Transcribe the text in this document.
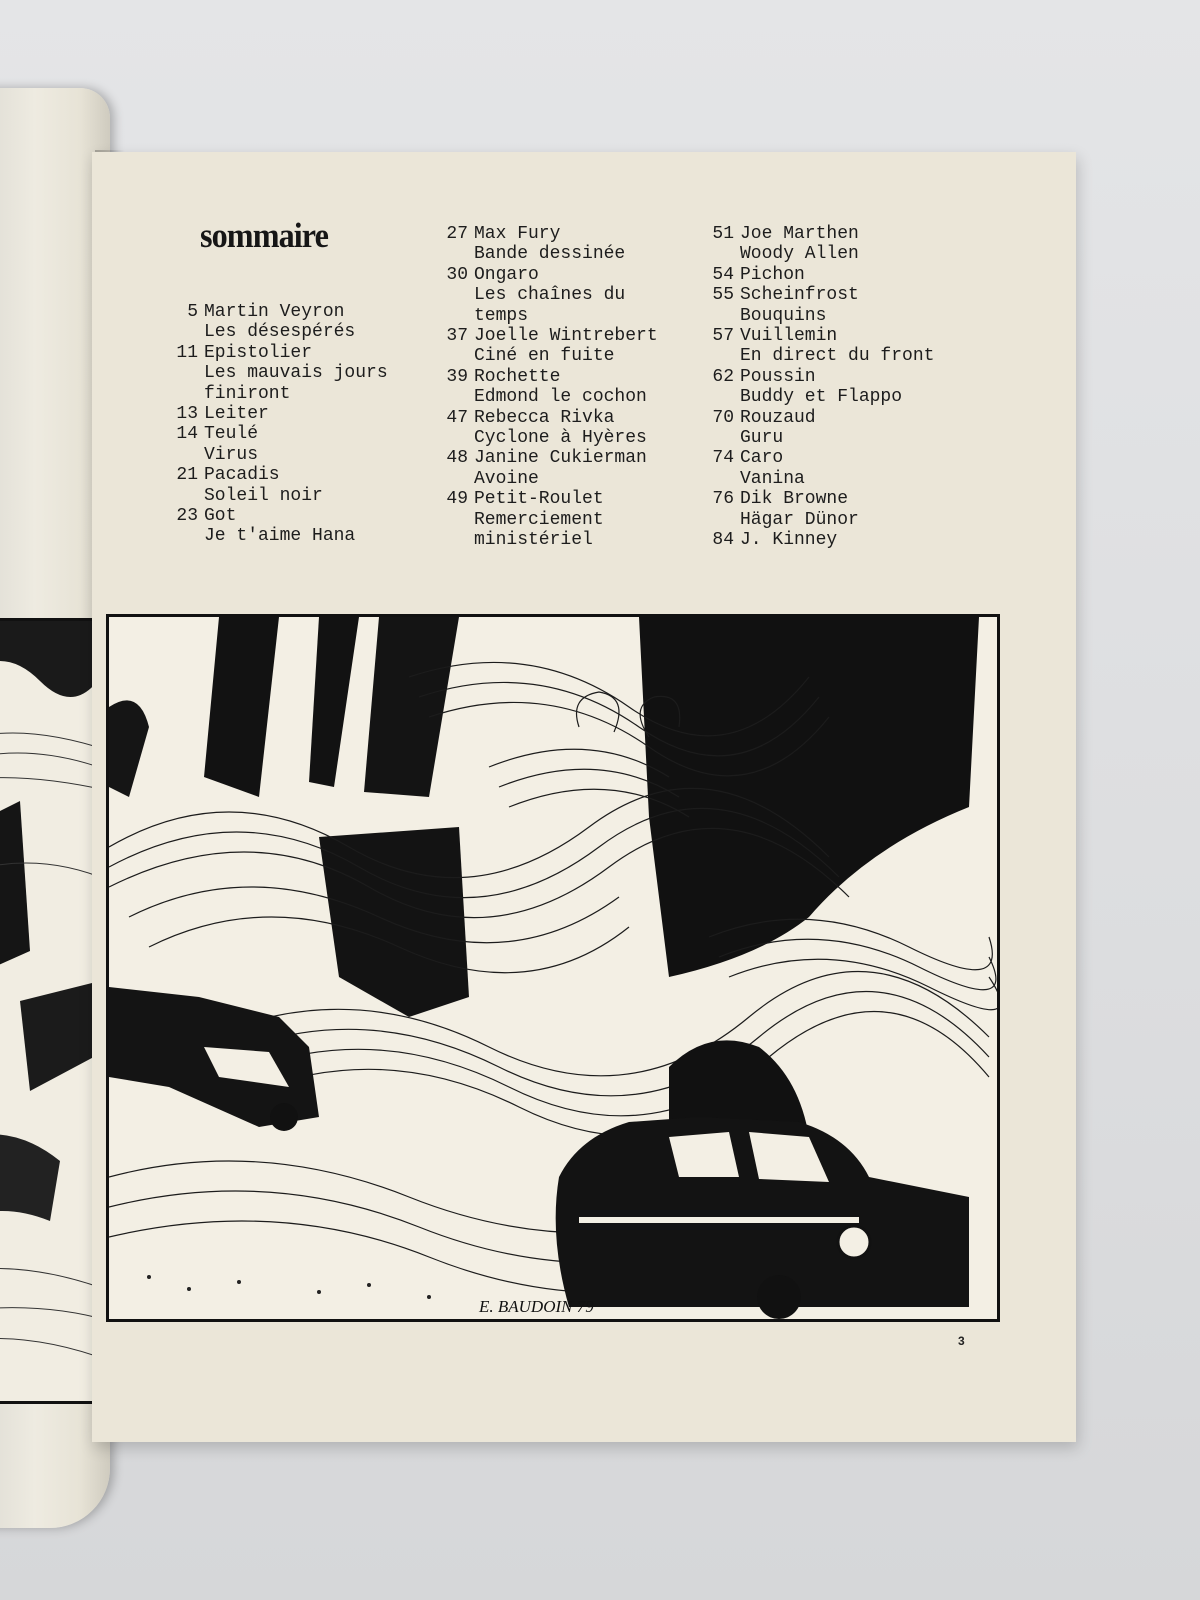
sommaire
5 Martin Veyron
Les désespérés
11 Epistolier
Les mauvais jours
finiront
13 Leiter
14 Teulé
Virus
21 Pacadis
Soleil noir
23 Got
Je t'aime Hana
27 Max Fury
Bande dessinée
30 Ongaro
Les chaînes du
temps
37 Joelle Wintrebert
Ciné en fuite
39 Rochette
Edmond le cochon
47 Rebecca Rivka
Cyclone à Hyères
48 Janine Cukierman
Avoine
49 Petit-Roulet
Remerciement
ministériel
51 Joe Marthen
Woody Allen
54 Pichon
55 Scheinfrost
Bouquins
57 Vuillemin
En direct du front
62 Poussin
Buddy et Flappo
70 Rouzaud
Guru
74 Caro
Vanina
76 Dik Browne
Hägar Dünor
84 J. Kinney
E. BAUDOIN 79
3
